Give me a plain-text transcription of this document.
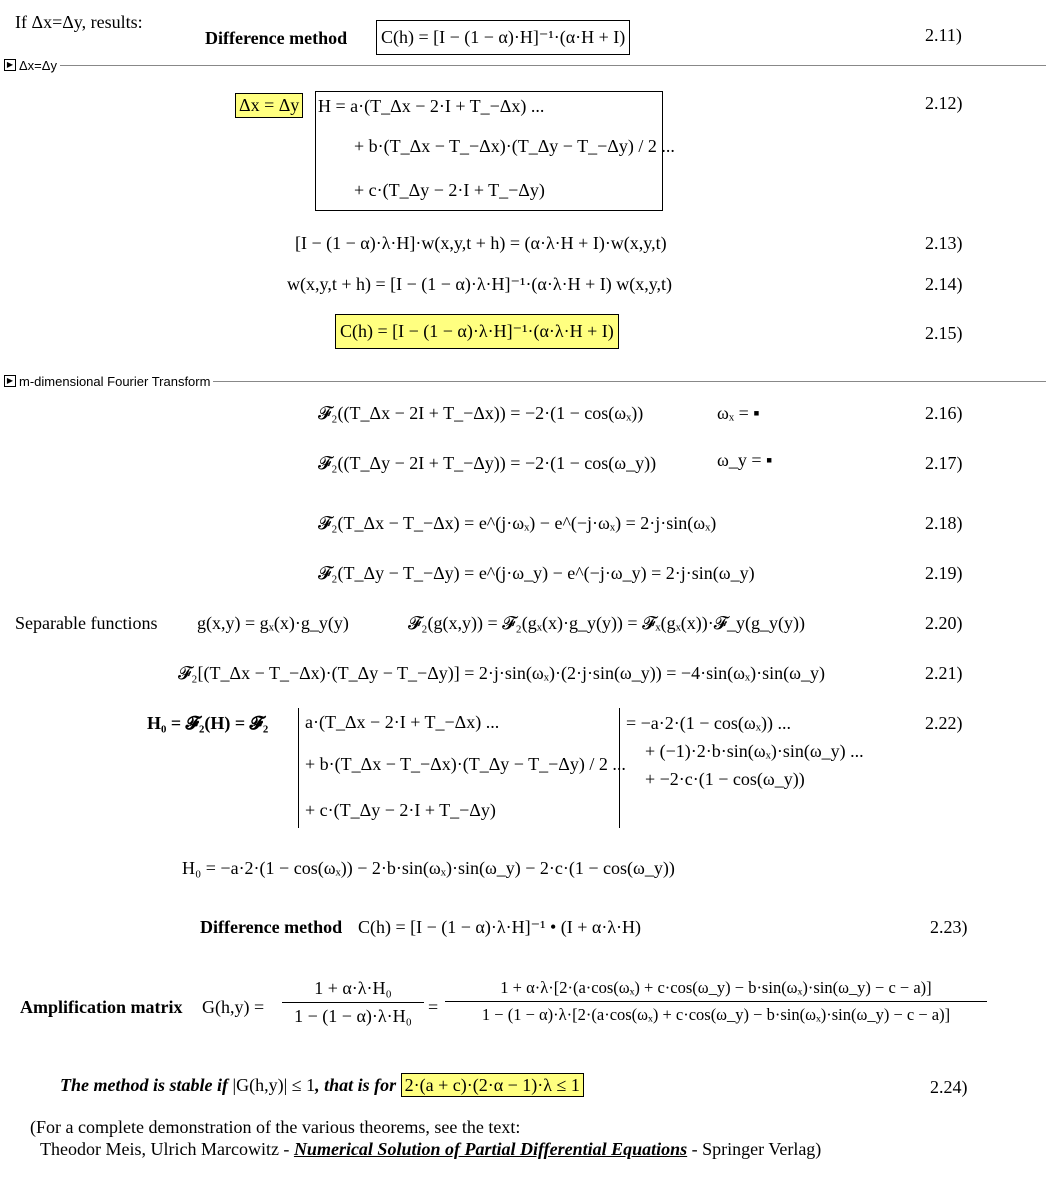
If Δx=Δy, results:
Difference method C(h) = [I − (1 − α)·H]⁻¹·(α·H + I)	2.11)
▶ Δx=Δy
Δx = Δy H = a·(T_Δx − 2·I + T_−Δx) ...
+ b·(T_Δx − T_−Δx)·(T_Δy − T_−Δy) / 2 ...
+ c·(T_Δy − 2·I + T_−Δy)
2.12)
[I − (1 − α)·λ·H]·w(x,y,t + h) = (α·λ·H + I)·w(x,y,t)	2.13)
w(x,y,t + h) = [I − (1 − α)·λ·H]⁻¹·(α·λ·H + I) w(x,y,t)	2.14)
C(h) = [I − (1 − α)·λ·H]⁻¹·(α·λ·H + I)	2.15)
▶ m-dimensional Fourier Transform
𝓕₂((T_Δx − 2I + T_−Δx)) = −2·(1 − cos(ωₓ))	ωₓ = ▪	2.16)
𝓕₂((T_Δy − 2I + T_−Δy)) = −2·(1 − cos(ω_y))	ω_y = ▪	2.17)
𝓕₂(T_Δx − T_−Δx) = e^(j·ωₓ) − e^(−j·ωₓ) = 2·j·sin(ωₓ)	2.18)
𝓕₂(T_Δy − T_−Δy) = e^(j·ω_y) − e^(−j·ω_y) = 2·j·sin(ω_y)	2.19)
Separable functions g(x,y) = gₓ(x)·g_y(y)	𝓕₂(g(x,y)) = 𝓕₂(gₓ(x)·g_y(y)) = 𝓕ₓ(gₓ(x))·𝓕_y(g_y(y))	2.20)
𝓕₂[(T_Δx − T_−Δx)·(T_Δy − T_−Δy)] = 2·j·sin(ωₓ)·(2·j·sin(ω_y)) = −4·sin(ωₓ)·sin(ω_y)	2.21)
H₀ = 𝓕₂(H) = 𝓕₂ a·(T_Δx − 2·I + T_−Δx) ...
+ b·(T_Δx − T_−Δx)·(T_Δy − T_−Δy) / 2 ...
+ c·(T_Δy − 2·I + T_−Δy)
= −a·2·(1 − cos(ωₓ)) ...
+ (−1)·2·b·sin(ωₓ)·sin(ω_y) ...
+ −2·c·(1 − cos(ω_y))
2.22)
H₀ = −a·2·(1 − cos(ωₓ)) − 2·b·sin(ωₓ)·sin(ω_y) − 2·c·(1 − cos(ω_y))
Difference method C(h) = [I − (1 − α)·λ·H]⁻¹ • (I + α·λ·H)	2.23)
Amplification matrix $G(h,y) = \frac{\text{1 + α·λ·H₀}}{\text{1 − (1 − α)·λ·H₀}}$ =
1 + α·λ·[2·(a·cos(ωₓ) + c·cos(ω_y) − b·sin(ωₓ)·sin(ω_y) − c − a)]
1 − (1 − α)·λ·[2·(a·cos(ωₓ) + c·cos(ω_y) − b·sin(ωₓ)·sin(ω_y) − c − a)]
The method is stable if |G(h,y)| ≤ 1, that is for 2·(a + c)·(2·α − 1)·λ ≤ 1	2.24)
(For a complete demonstration of the various theorems, see the text:
Theodor Meis, Ulrich Marcowitz - Numerical Solution of Partial Differential Equations - Springer Verlag)
